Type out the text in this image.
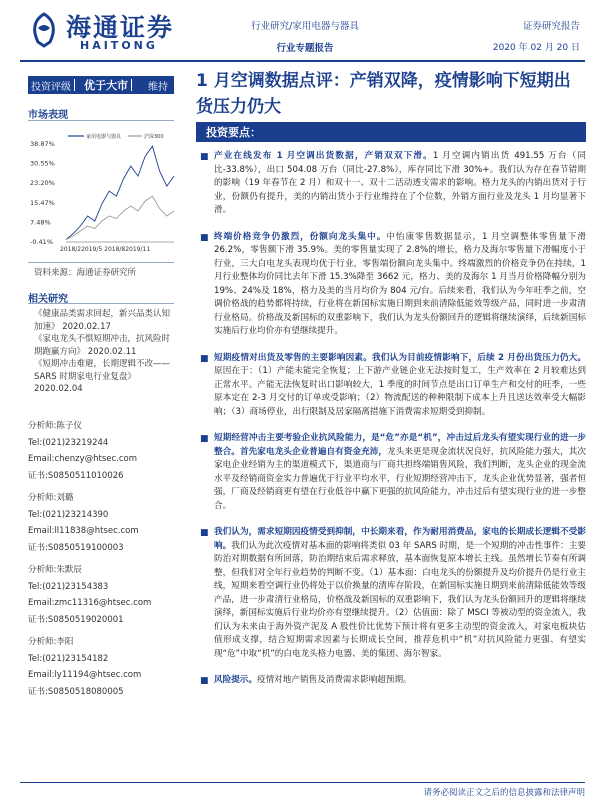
海通证券
HAITONG
行业研究/家用电器与器具
行业专题报告
证券研究报告
2020 年 02 月 20 日
投资评级 优于大市	维持
市场表现
家用电器与器具	沪深300
38.87%
30.55%
23.20%
15.47%
7.48%
-0.41%
2018/22019/5 2018/82019/11
资料来源：海通证券研究所
相关研究
《健康品类需求回起，新兴品类认知加速》 2020.02.17
《家电龙头不惧短期冲击，抗风险时期跑赢方向》 2020.02.11
《短期冲击难避，长期逻辑不改——SARS 时期家电行业复盘》 2020.02.04
分析师:陈子仪
Tel:(021)23219244
Email:chenzy@htsec.com
证书:S0850511010026
分析师:刘璐
Tel:(021)23214390
Email:ll11838@htsec.com
证书:S0850519100003
分析师:朱默辰
Tel:(021)23154383
Email:zmc11316@htsec.com
证书:S0850519020001
分析师:李阳
Tel:(021)23154182
Email:ly11194@htsec.com
证书:S0850518080005
1 月空调数据点评：产销双降，疫情影响下短期出货压力仍大
投资要点：
■ 产业在线发布 1 月空调出货数据，产销双双下滑。1 月空调内销出货 491.55 万台（同比-33.8%），出口 504.08 万台（同比-27.8%），库存同比下滑 30%+。我们认为存在春节错期的影响（19 年春节在 2 月）和双十一、双十二活动透支需求的影响。格力龙头的内销出货对于行业，份额仍有提升，美的内销出货小于行业维持在了个位数，外销方面行业及龙头 1 月均显著下滑。
■ 终端价格竞争仍激烈，份额向龙头集中。中怡康零售数据显示，1 月空调整体零售量下滑 26.2%，零售额下滑 35.9%。美的零售量实现了 2.8%的增长，格力及海尔零售量下滑幅度小于行业，三大白电龙头表现均优于行业，零售端份额向龙头集中。终端激烈的价格竞争仍在持续，1 月行业整体均价同比去年下滑 15.3%降至 3662 元，格力、美的及海尔 1 月当月价格降幅分别为 19%、24%及 18%，格力及美的当月均价为 804 元/台。后续来看，我们认为今年旺季之前，空调价格战的趋势都将持续，行业将在新国标实施日期到来前清除低能效等级产品，同时进一步肃清行业格局。价格战及新国标的双重影响下，我们认为龙头份额回升的逻辑将继续演绎，后续新国标实施后行业均价亦有望继续提升。
■ 短期疫情对出货及零售的主要影响因素。我们认为目前疫情影响下，后续 2 月份出货压力仍大。原因在于：（1）产能未能完全恢复；上下游产业链企业无法按时复工，生产效率在 2 月较难达到正常水平。产能无法恢复时出口影响较大，1 季度的时间节点是出口订单生产和交付的旺季，一些原本定在 2-3 月交付的订单或受影响；（2）物流配送的种种限制下成本上升且送达效率受大幅影响；（3）商场停业，出行限制及居家隔离措施下消费需求短期受到抑制。
■ 短期经营冲击主要考验企业抗风险能力，是“危”亦是“机”，冲击过后龙头有望实现行业的进一步整合。首先家电龙头企业普遍自有资金充沛，龙头来更是现金流状况良好，抗风险能力强大，其次家电企业经销为主的渠道模式下，渠道商与厂商共担终端销售风险，我们判断，龙头企业的现金流水平及经销商资金实力普遍优于行业平均水平，行业短期经营冲击下，龙头企业优势显著，强者恒强，厂商及经销商更有望在行业低谷中赢下更强的抗风险能力，冲击过后有望实现行业的进一步整合。
■ 我们认为，需求短期因疫情受到抑制，中长期来看，作为耐用消费品，家电的长期成长逻辑不受影响。我们认为此次疫情对基本面的影响将类似 03 年 SARS 时期，是一个短期的冲击性事件：主要防治对期数据有所回落，防治期结束后需求释放，基本面恢复原本增长主线。虽然增长节奏有所调整，但我们对全年行业趋势的判断不变。（1）基本面：白电龙头的份额提升及均价提升仍是行业主线，短期来看空调行业仍将处于以价换量的清库存阶段，在新国标实施日期到来前清除低能效等级产品，进一步肃清行业格局，价格战及新国标的双重影响下，我们认为龙头份额回升的逻辑将继续演绎，新国标实施后行业均价亦有望继续提升。（2）估值面：除了 MSCI 等被动型的资金流入，我们认为未来由于海外资产泥及 A 股性价比优势下预计将有更多主动型的资金流入，对家电板块估值形成支撑，结合短期需求因素与长期成长空间，推荐危机中“机”对抗风险能力更强、有望实现“危”中取“机”的白电龙头格力电器、美的集团、海尔智家。
■ 风险提示。疫情对地产销售及消费需求影响超预期。
请务必阅读正文之后的信息披露和法律声明
